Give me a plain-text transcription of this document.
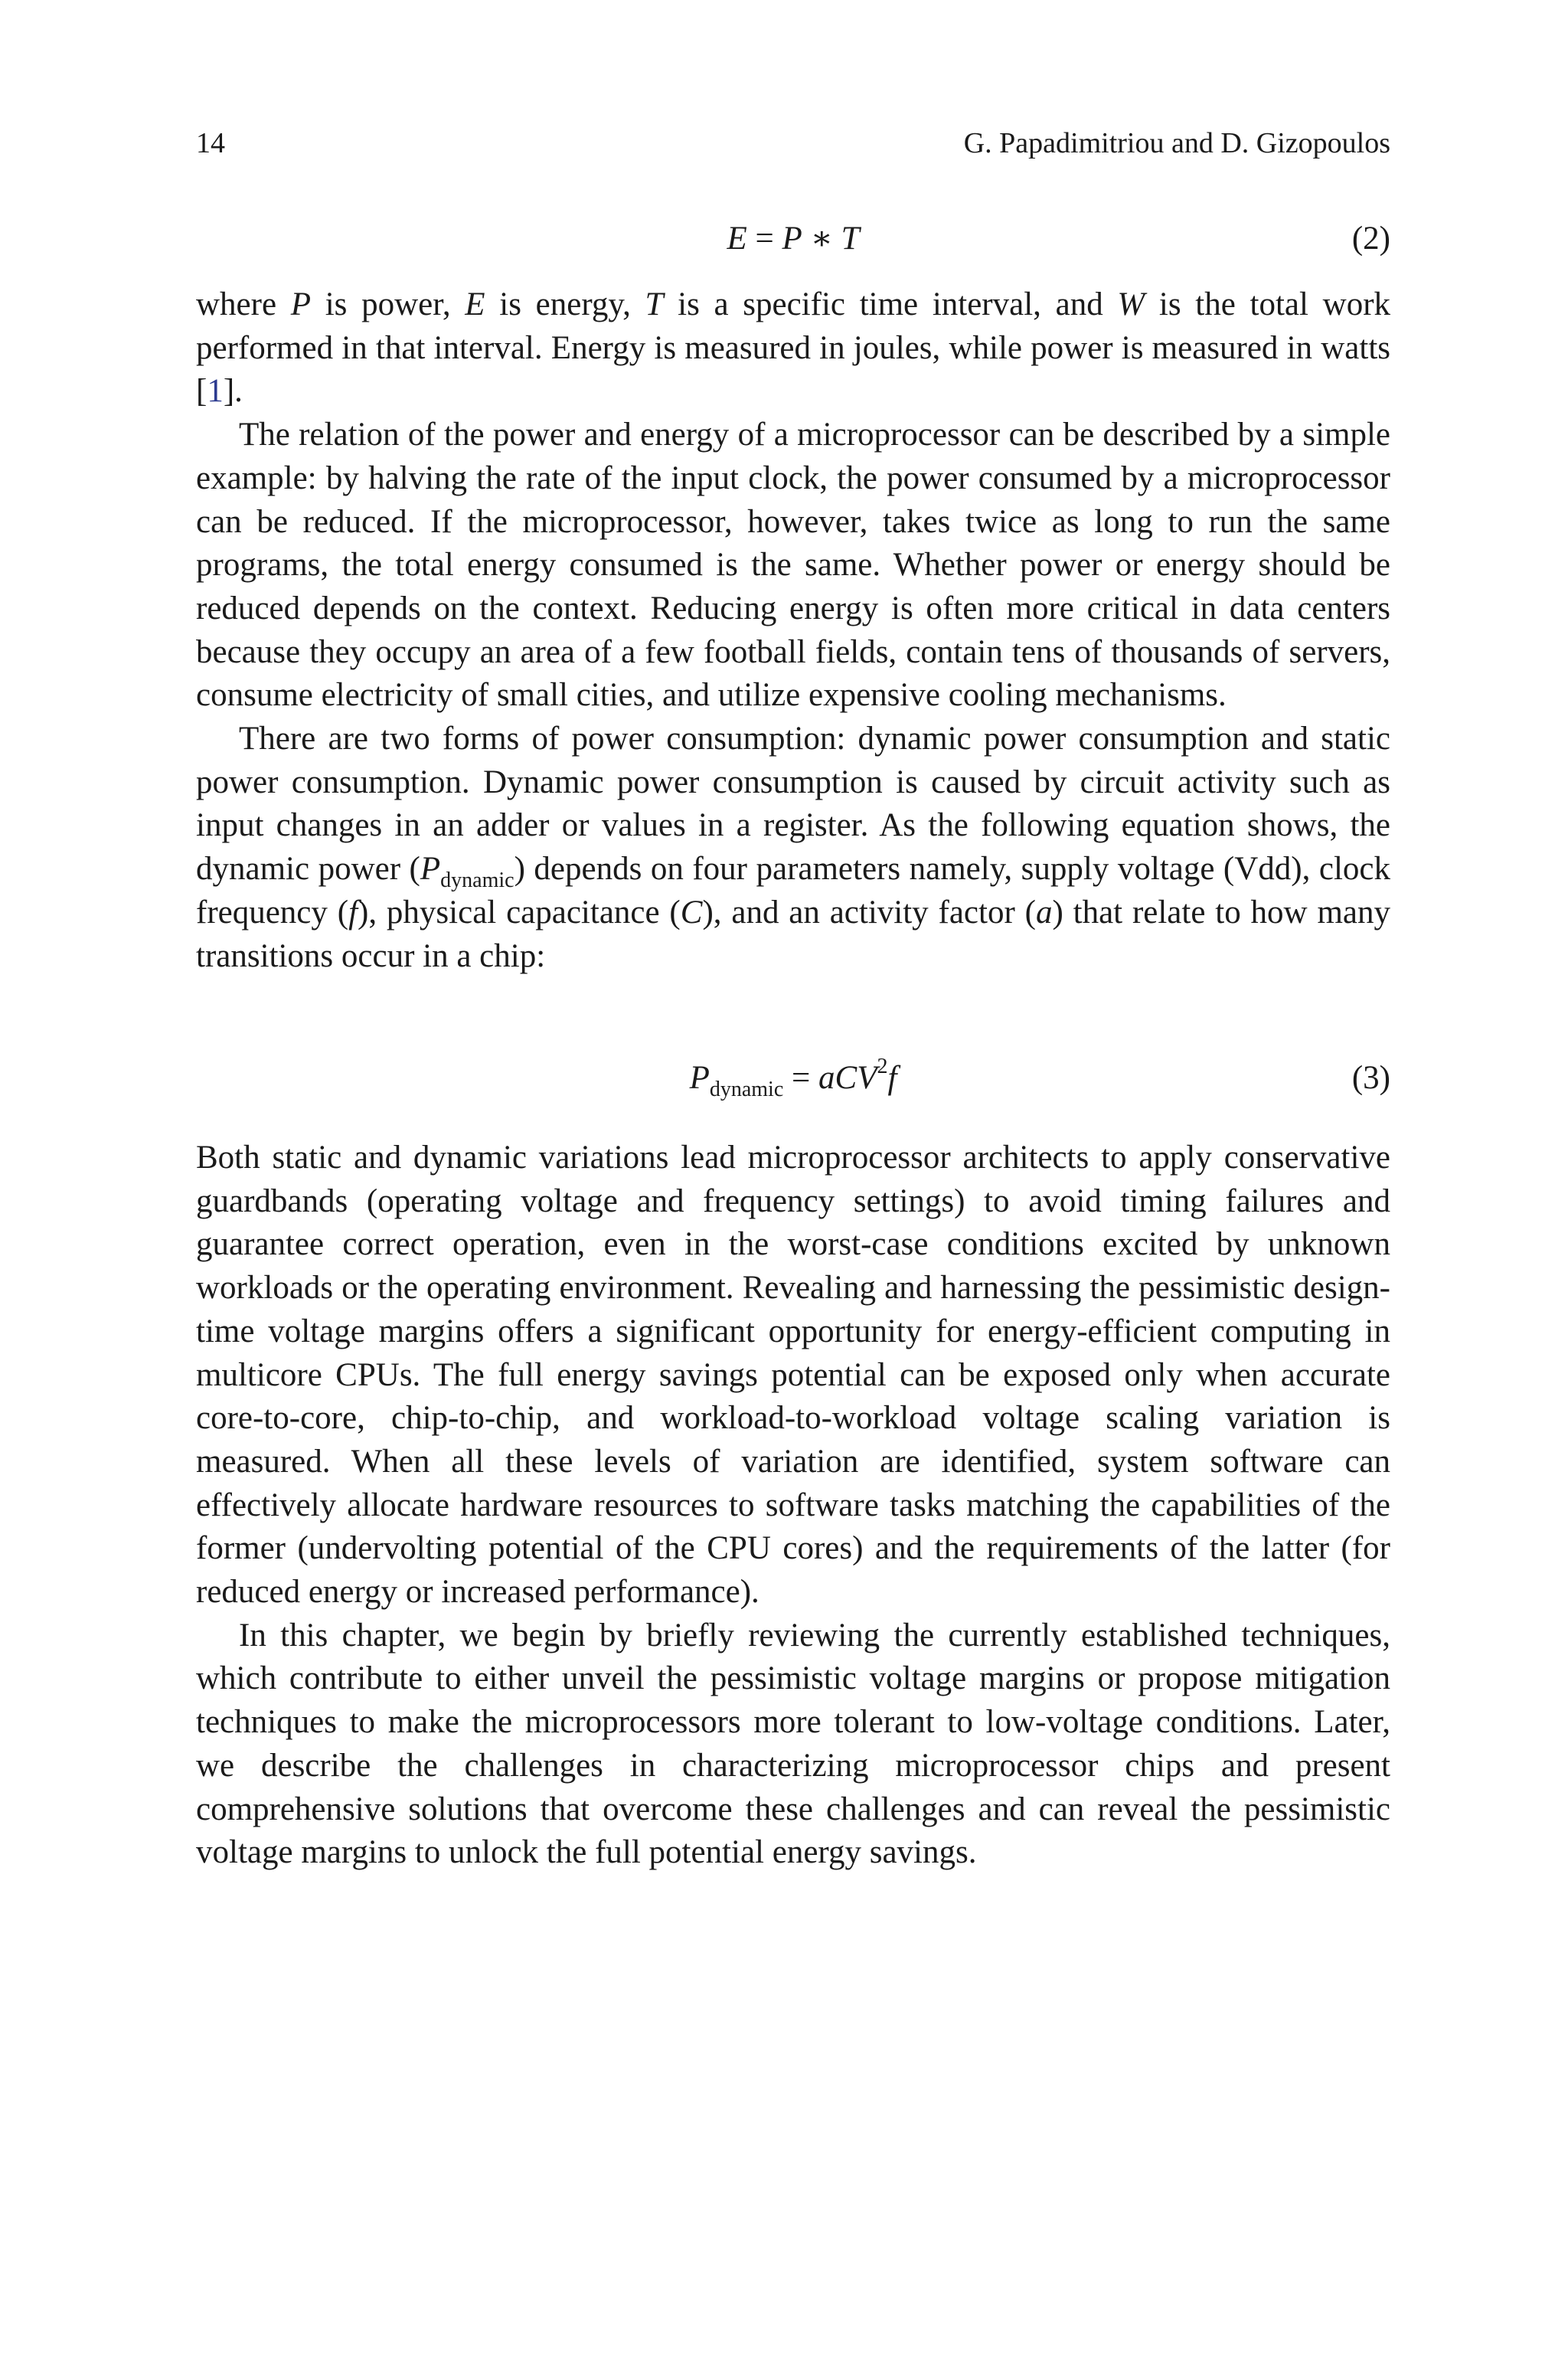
14	G. Papadimitriou and D. Gizopoulos
E = P ∗ T	(2)

where P is power, E is energy, T is a specific time interval, and W is the total work performed in that interval. Energy is measured in joules, while power is measured in watts [1].

The relation of the power and energy of a microprocessor can be described by a simple example: by halving the rate of the input clock, the power consumed by a microprocessor can be reduced. If the microprocessor, however, takes twice as long to run the same programs, the total energy consumed is the same. Whether power or energy should be reduced depends on the context. Reducing energy is often more critical in data centers because they occupy an area of a few football fields, contain tens of thousands of servers, consume electricity of small cities, and utilize expensive cooling mechanisms.

There are two forms of power consumption: dynamic power consumption and static power consumption. Dynamic power consumption is caused by circuit activity such as input changes in an adder or values in a register. As the following equation shows, the dynamic power $(P_{dynamic})$ depends on four parameters namely, supply voltage (Vdd), clock frequency (f), physical capacitance (C), and an activity factor (a) that relate to how many transitions occur in a chip:

$P_{dynamic} = aCV^2f$	(3)

Both static and dynamic variations lead microprocessor architects to apply conservative guardbands (operating voltage and frequency settings) to avoid timing failures and guarantee correct operation, even in the worst-case conditions excited by unknown workloads or the operating environment. Revealing and harnessing the pessimistic design-time voltage margins offers a significant opportunity for energy-efficient computing in multicore CPUs. The full energy savings potential can be exposed only when accurate core-to-core, chip-to-chip, and workload-to-workload voltage scaling variation is measured. When all these levels of variation are identified, system software can effectively allocate hardware resources to software tasks matching the capabilities of the former (undervolting potential of the CPU cores) and the requirements of the latter (for reduced energy or increased performance).

In this chapter, we begin by briefly reviewing the currently established techniques, which contribute to either unveil the pessimistic voltage margins or propose mitigation techniques to make the microprocessors more tolerant to low-voltage conditions. Later, we describe the challenges in characterizing microprocessor chips and present comprehensive solutions that overcome these challenges and can reveal the pessimistic voltage margins to unlock the full potential energy savings.
